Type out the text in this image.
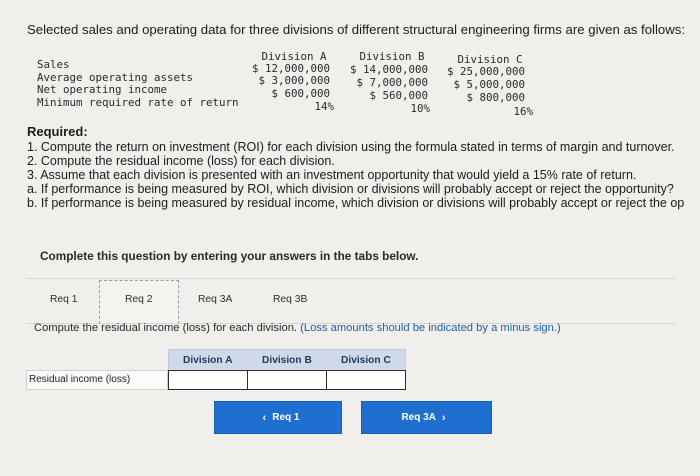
Selected sales and operating data for three divisions of different structural engineering firms are given as follows:
Division A	Division B	Division C
Sales	$ 12,000,000 $ 14,000,000 $ 25,000,000
Average operating assets	$ 3,000,000 $ 7,000,000 $ 5,000,000
Net operating income	$ 600,000	$ 560,000	$ 800,000
Minimum required rate of return	14%	10%	16%
Required:
1. Compute the return on investment (ROI) for each division using the formula stated in terms of margin and turnover.
2. Compute the residual income (loss) for each division.
3. Assume that each division is presented with an investment opportunity that would yield a 15% rate of return.
a. If performance is being measured by ROI, which division or divisions will probably accept or reject the opportunity?
b. If performance is being measured by residual income, which division or divisions will probably accept or reject the op
Complete this question by entering your answers in the tabs below.
Req 1	Req 2	Req 3A	Req 3B
Compute the residual income (loss) for each division. (Loss amounts should be indicated by a minus sign.)
Division A	Division B	Division C
Residual income (loss)
‹ Req 1	Req 3A ›
